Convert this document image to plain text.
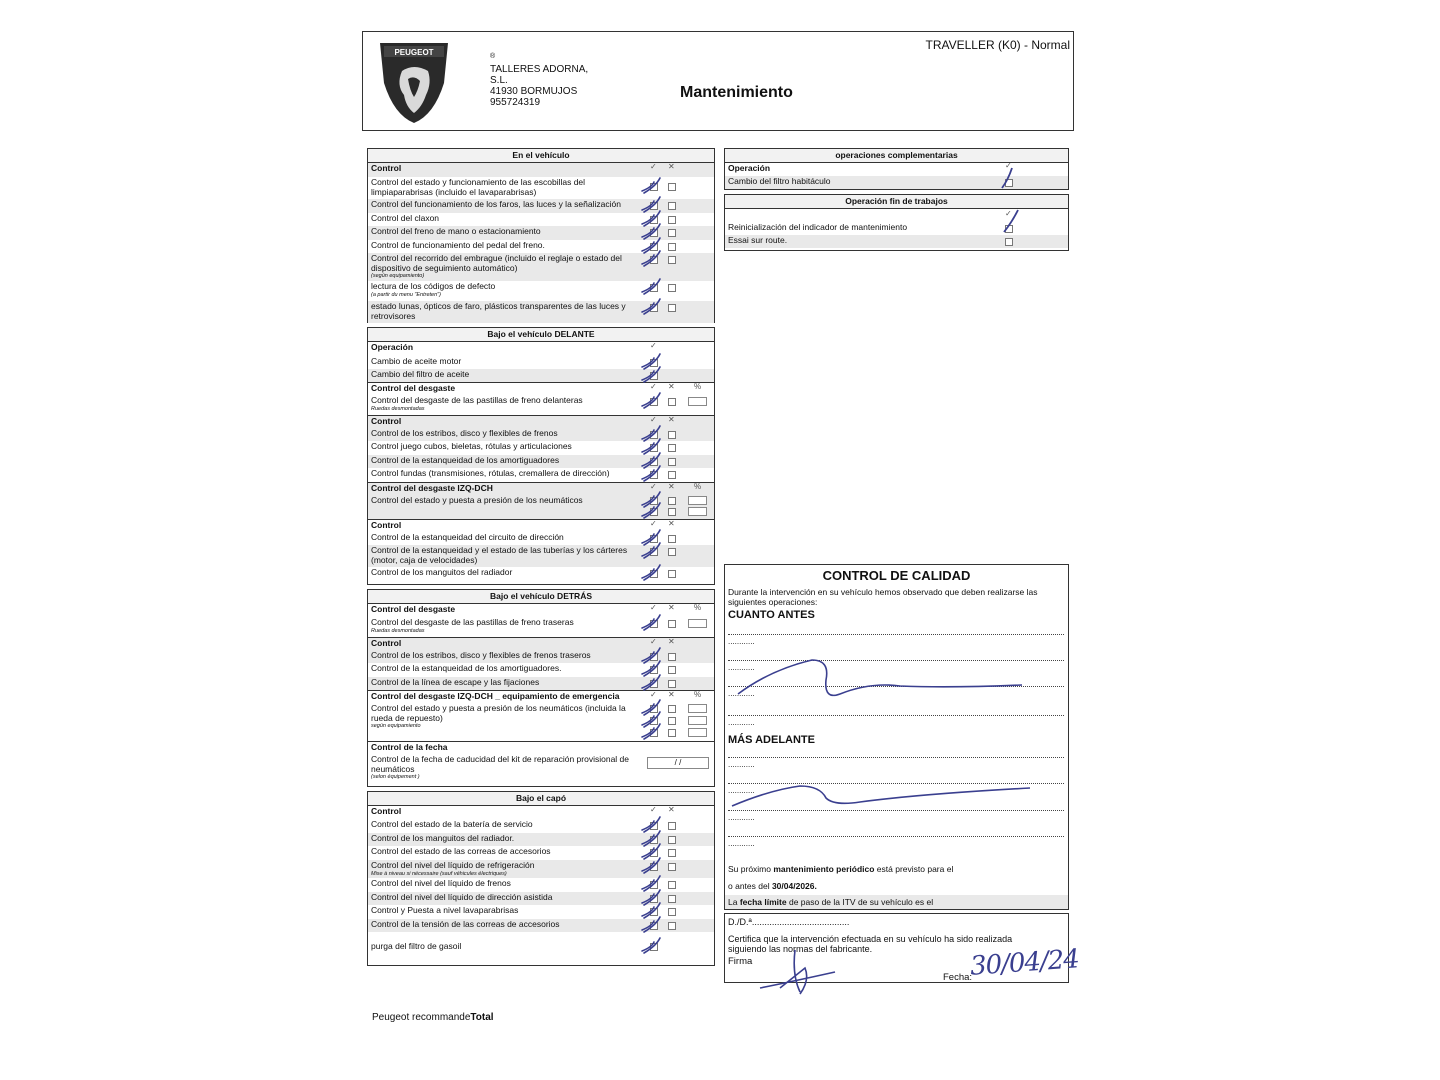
PEUGEOT	®
TALLERES ADORNA,
S.L.
41930 BORMUJOS
955724319
TRAVELLER (K0) - Normal
Mantenimiento
En el vehículo
Control	✓ ✕
Control del estado y funcionamiento de las escobillas del limpiaparabrisas (incluido el lavaparabrisas)
Control del funcionamiento de los faros, las luces y la señalización
Control del claxon
Control del freno de mano o estacionamiento
Control de funcionamiento del pedal del freno.
Control del recorrido del embrague (incluido el reglaje o estado del dispositivo de seguimiento automático)
(según equipamiento)
lectura de los códigos de defecto
(a partir du menu "Entreten")
estado lunas, ópticos de faro, plásticos transparentes de las luces y retrovisores
Bajo el vehículo DELANTE
Operación	✓
Cambio de aceite motor
Cambio del filtro de aceite
Control del desgaste	✓ ✕ %
Control del desgaste de las pastillas de freno delanteras
Ruedas desmontadas
Control	✓ ✕
Control de los estribos, disco y flexibles de frenos
Control juego cubos, bieletas, rótulas y articulaciones
Control de la estanqueidad de los amortiguadores
Control fundas (transmisiones, rótulas, cremallera de dirección)
Control del desgaste IZQ-DCH	✓ ✕ %
Control del estado y puesta a presión de los neumáticos
Control	✓ ✕
Control de la estanqueidad del circuito de dirección
Control de la estanqueidad y el estado de las tuberías y los cárteres (motor, caja de velocidades)
Control de los manguitos del radiador
Bajo el vehículo DETRÁS
Control del desgaste	✓ ✕ %
Control del desgaste de las pastillas de freno traseras
Ruedas desmontadas
Control	✓ ✕
Control de los estribos, disco y flexibles de frenos traseros
Control de la estanqueidad de los amortiguadores.
Control de la línea de escape y las fijaciones
Control del desgaste IZQ-DCH _ equipamiento de emergencia	✓ ✕ %
Control del estado y puesta a presión de los neumáticos (incluida la rueda de repuesto)
según equipamiento
Control de la fecha
Control de la fecha de caducidad del kit de reparación provisional de neumáticos
(selon équipement )
/ /
Bajo el capó
Control	✓ ✕
Control del estado de la batería de servicio
Control de los manguitos del radiador.
Control del estado de las correas de accesorios
Control del nivel del líquido de refrigeración
Mise à niveau si nécessaire (sauf véhicules électriques)
Control del nivel del líquido de frenos
Control del nivel del líquido de dirección asistida
Control y Puesta a nivel lavaparabrisas
Control de la tensión de las correas de accesorios
purga del filtro de gasoil
operaciones complementarias
Operación	✓
Cambio del filtro habitáculo
Operación fin de trabajos
✓
Reinicialización del indicador de mantenimiento
Essai sur route.
CONTROL DE CALIDAD
Durante la intervención en su vehículo hemos observado que deben realizarse las siguientes operaciones:
CUANTO ANTES
............
............
............
............
MÁS ADELANTE
............
............
............
............
Su próximo mantenimiento periódico está previsto para el
o antes del 30/04/2026.
La fecha límite de paso de la ITV de su vehículo es el
D./D.ª.......................................
Certifica que la intervención efectuada en su vehículo ha sido realizada siguiendo las normas del fabricante.
Firma
Fecha:
30/04/24
Peugeot recommandeTotal
